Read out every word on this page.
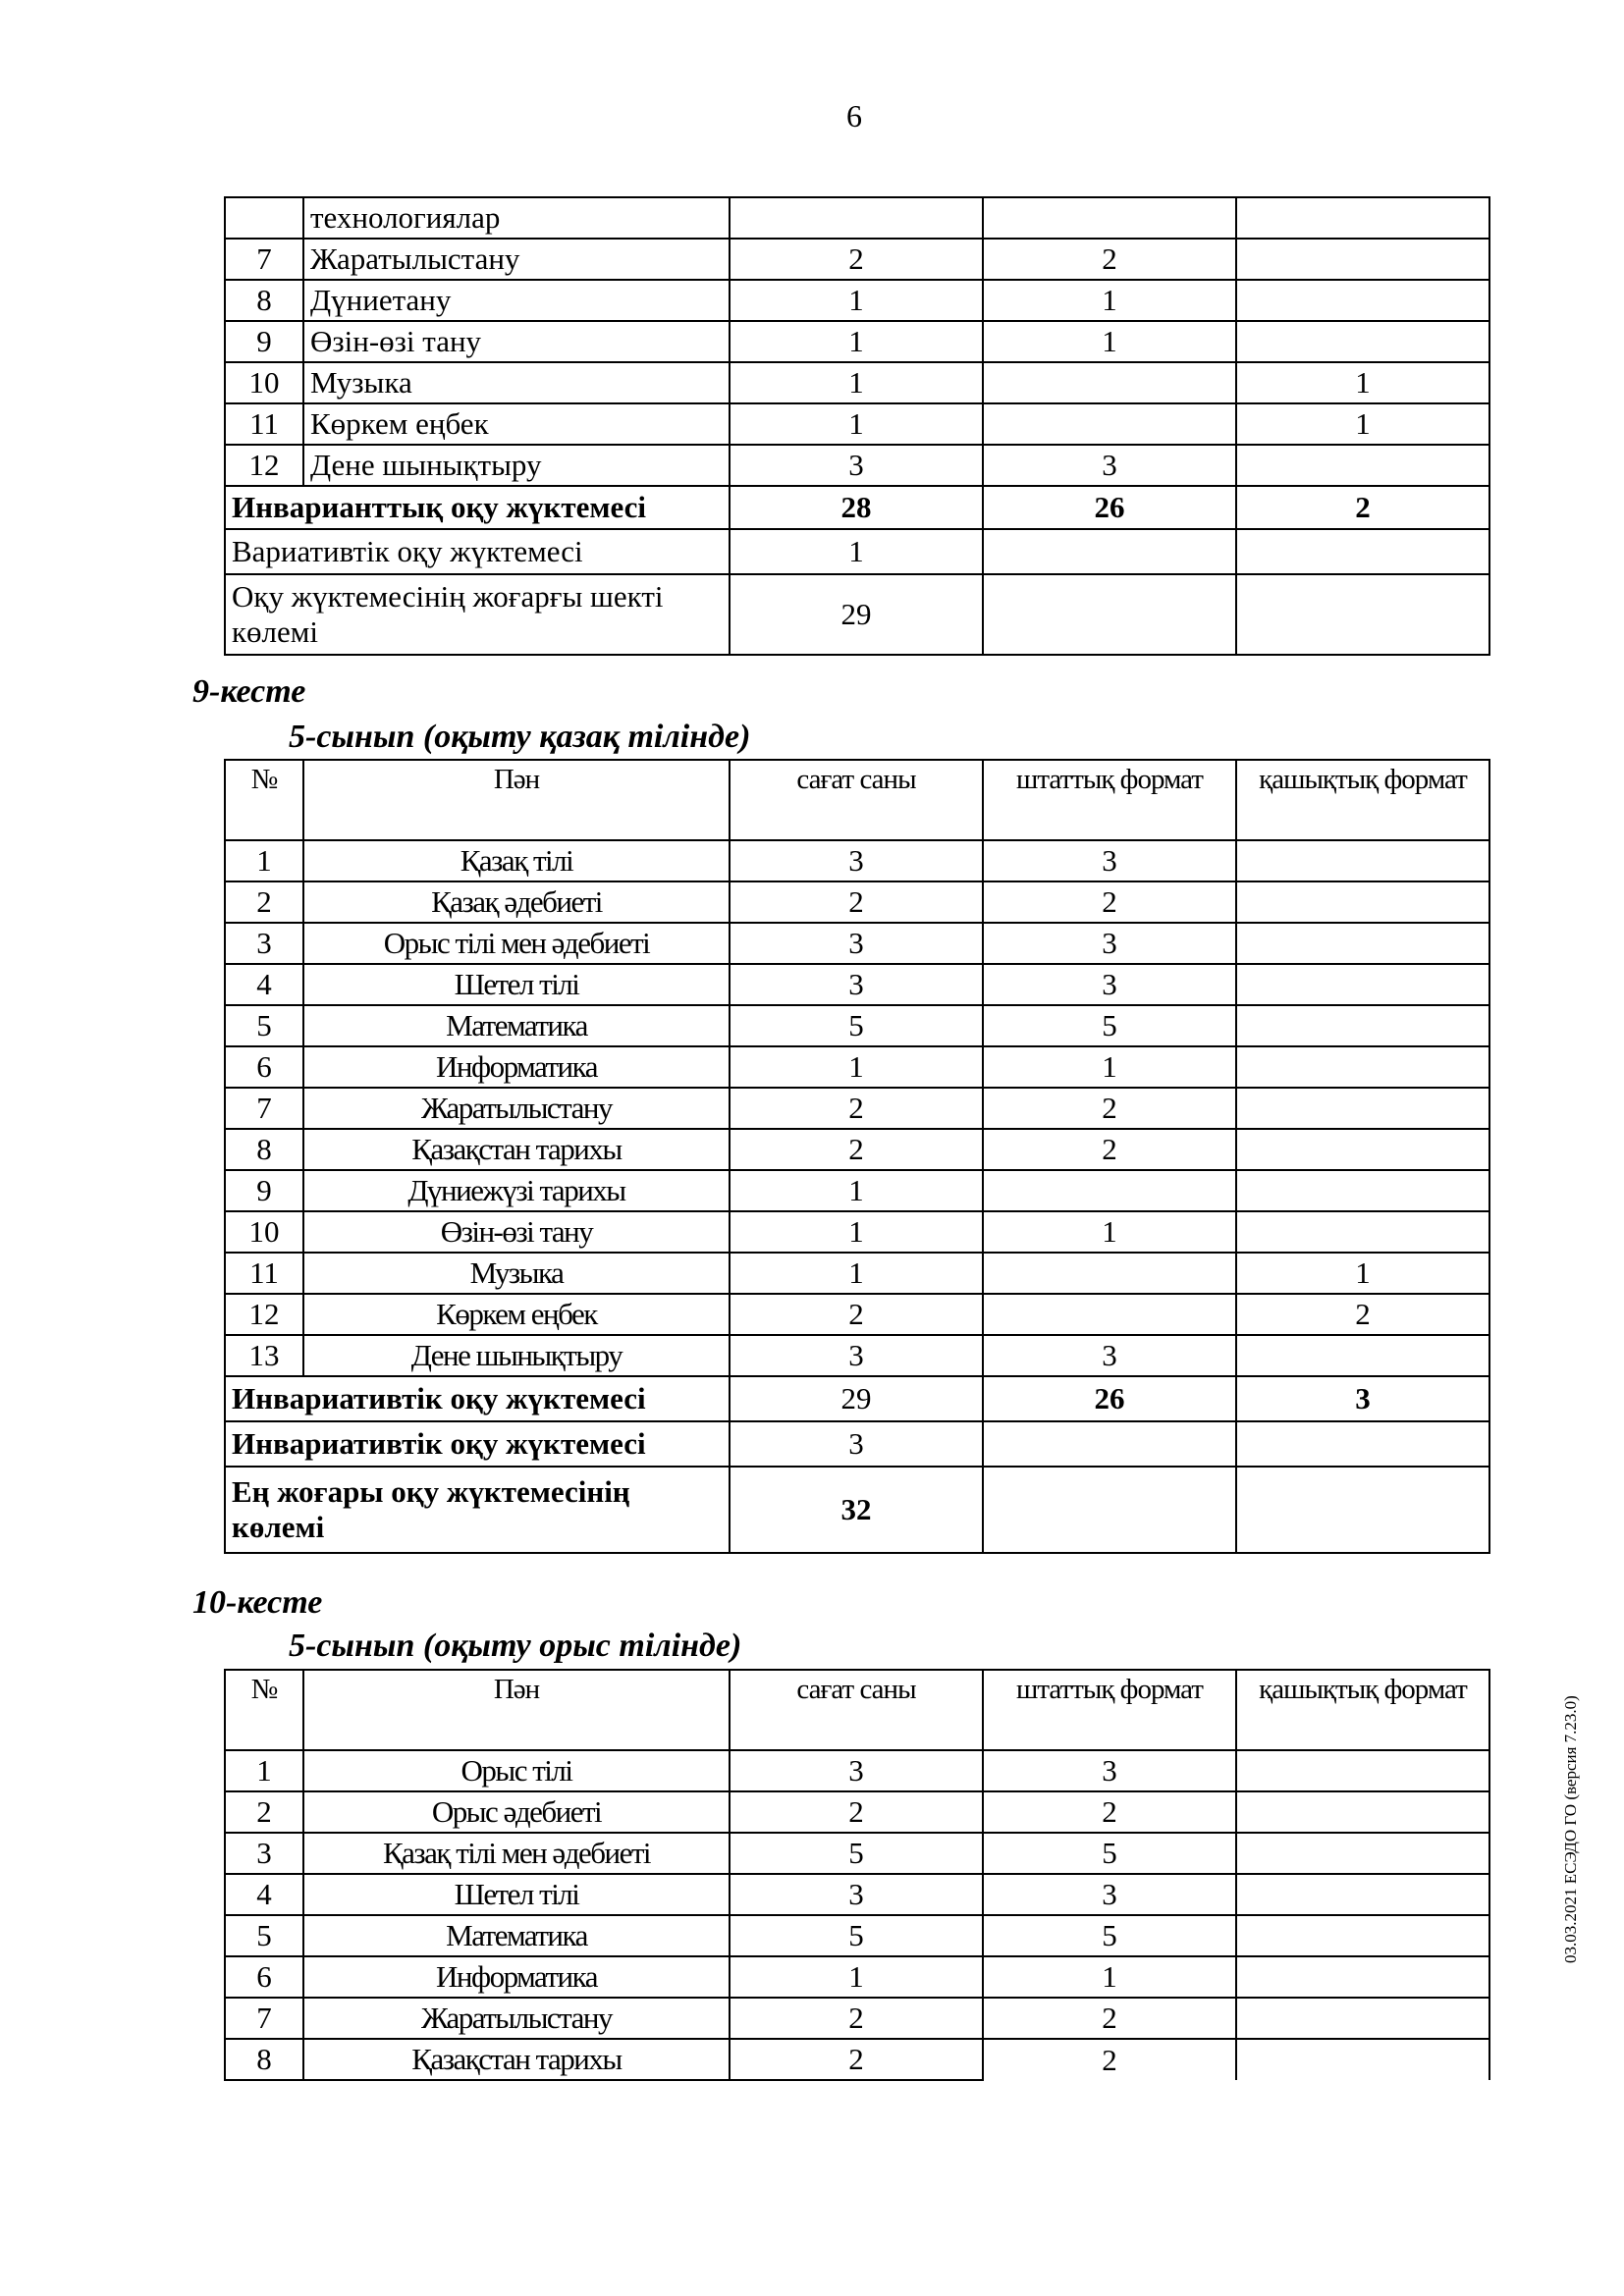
6
	технологиялар			
7	Жаратылыстану	2	2	
8	Дүниетану	1	1	
9	Өзін-өзі тану	1	1	
10	Музыка	1		1
11	Көркем еңбек	1		1
12	Дене шынықтыру	3	3	
Инварианттық оқу жүктемесі		28	26	2
Вариативтік оқу жүктемесі		1		
Оқу жүктемесінің жоғарғы шекті көлемі		29		
9-кесте
5-сынып (оқыту қазақ тілінде)
№	Пән	сағат саны	штаттық формат	қашықтық формат
1	Қазақ тілі	3	3	
2	Қазақ әдебиеті	2	2	
3	Орыс тілі мен әдебиеті	3	3	
4	Шетел тілі	3	3	
5	Математика	5	5	
6	Информатика	1	1	
7	Жаратылыстану	2	2	
8	Қазақстан тарихы	2	2	
9	Дүниежүзі тарихы	1		
10	Өзін-өзі тану	1	1	
11	Музыка	1		1
12	Көркем еңбек	2		2
13	Дене шынықтыру	3	3	
Инвариативтік оқу жүктемесі		29	26	3
Инвариативтік оқу жүктемесі		3		
Ең жоғары оқу жүктемесінің көлемі		32		
10-кесте
5-сынып (оқыту орыс тілінде)
№	Пән	сағат саны	штаттық формат	қашықтық формат
1	Орыс тілі	3	3	
2	Орыс әдебиеті	2	2	
3	Қазақ тілі мен әдебиеті	5	5	
4	Шетел тілі	3	3	
5	Математика	5	5	
6	Информатика	1	1	
7	Жаратылыстану	2	2	
8	Қазақстан тарихы	2	2	
03.03.2021 ЕСЭДО ГО (версия 7.23.0)
